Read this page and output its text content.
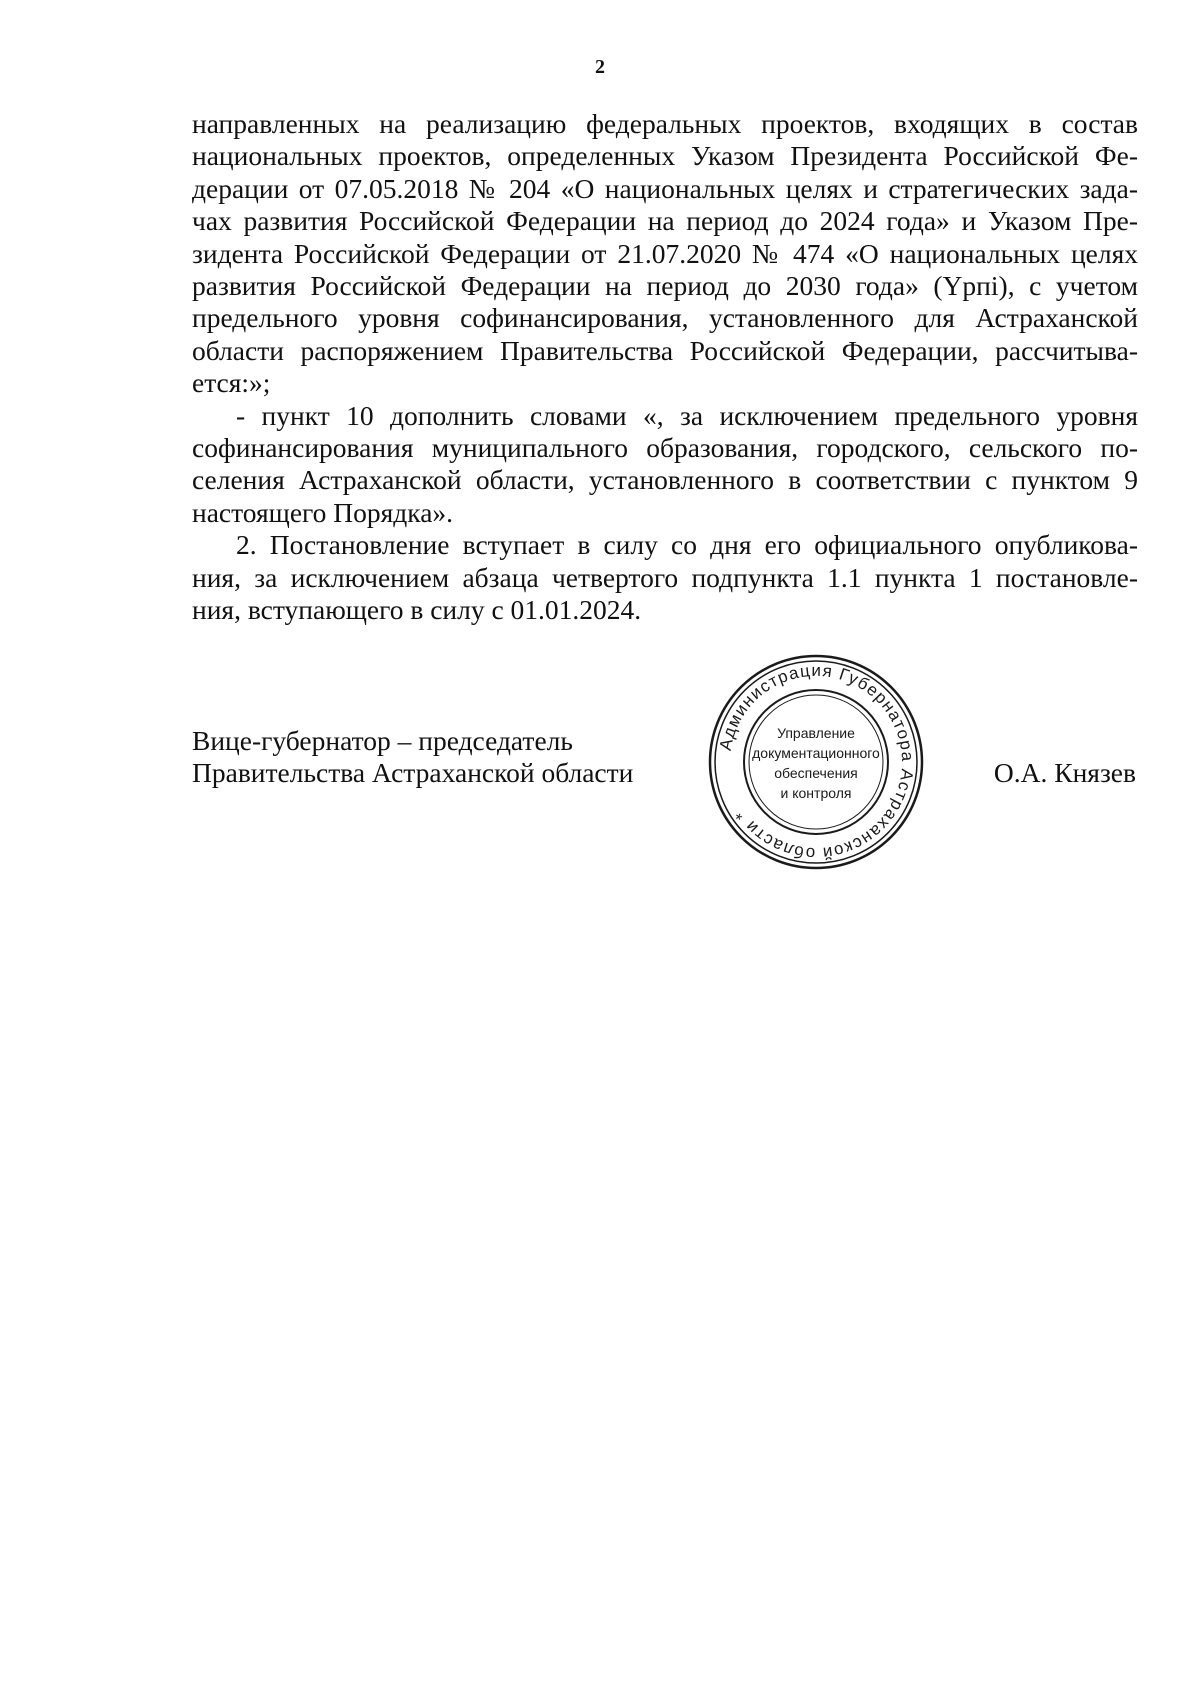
2
направленных на реализацию федеральных проектов, входящих в состав
национальных проектов, определенных Указом Президента Российской Фе-
дерации от 07.05.2018 № 204 «О национальных целях и стратегических зада-
чах развития Российской Федерации на период до 2024 года» и Указом Пре-
зидента Российской Федерации от 21.07.2020 № 474 «О национальных целях
развития Российской Федерации на период до 2030 года» (Yрпi), с учетом
предельного уровня софинансирования, установленного для Астраханской
области распоряжением Правительства Российской Федерации, рассчитыва-
ется:»;
- пункт 10 дополнить словами «, за исключением предельного уровня
софинансирования муниципального образования, городского, сельского по-
селения Астраханской области, установленного в соответствии с пунктом 9
настоящего Порядка».
2. Постановление вступает в силу со дня его официального опубликова-
ния, за исключением абзаца четвертого подпункта 1.1 пункта 1 постановле-
ния, вступающего в силу с 01.01.2024.
Вице-губернатор – председатель
Правительства Астраханской области
Администрация Губернатора Астраханской области *
Управление
документационного
обеспечения
и контроля
О.А. Князев
